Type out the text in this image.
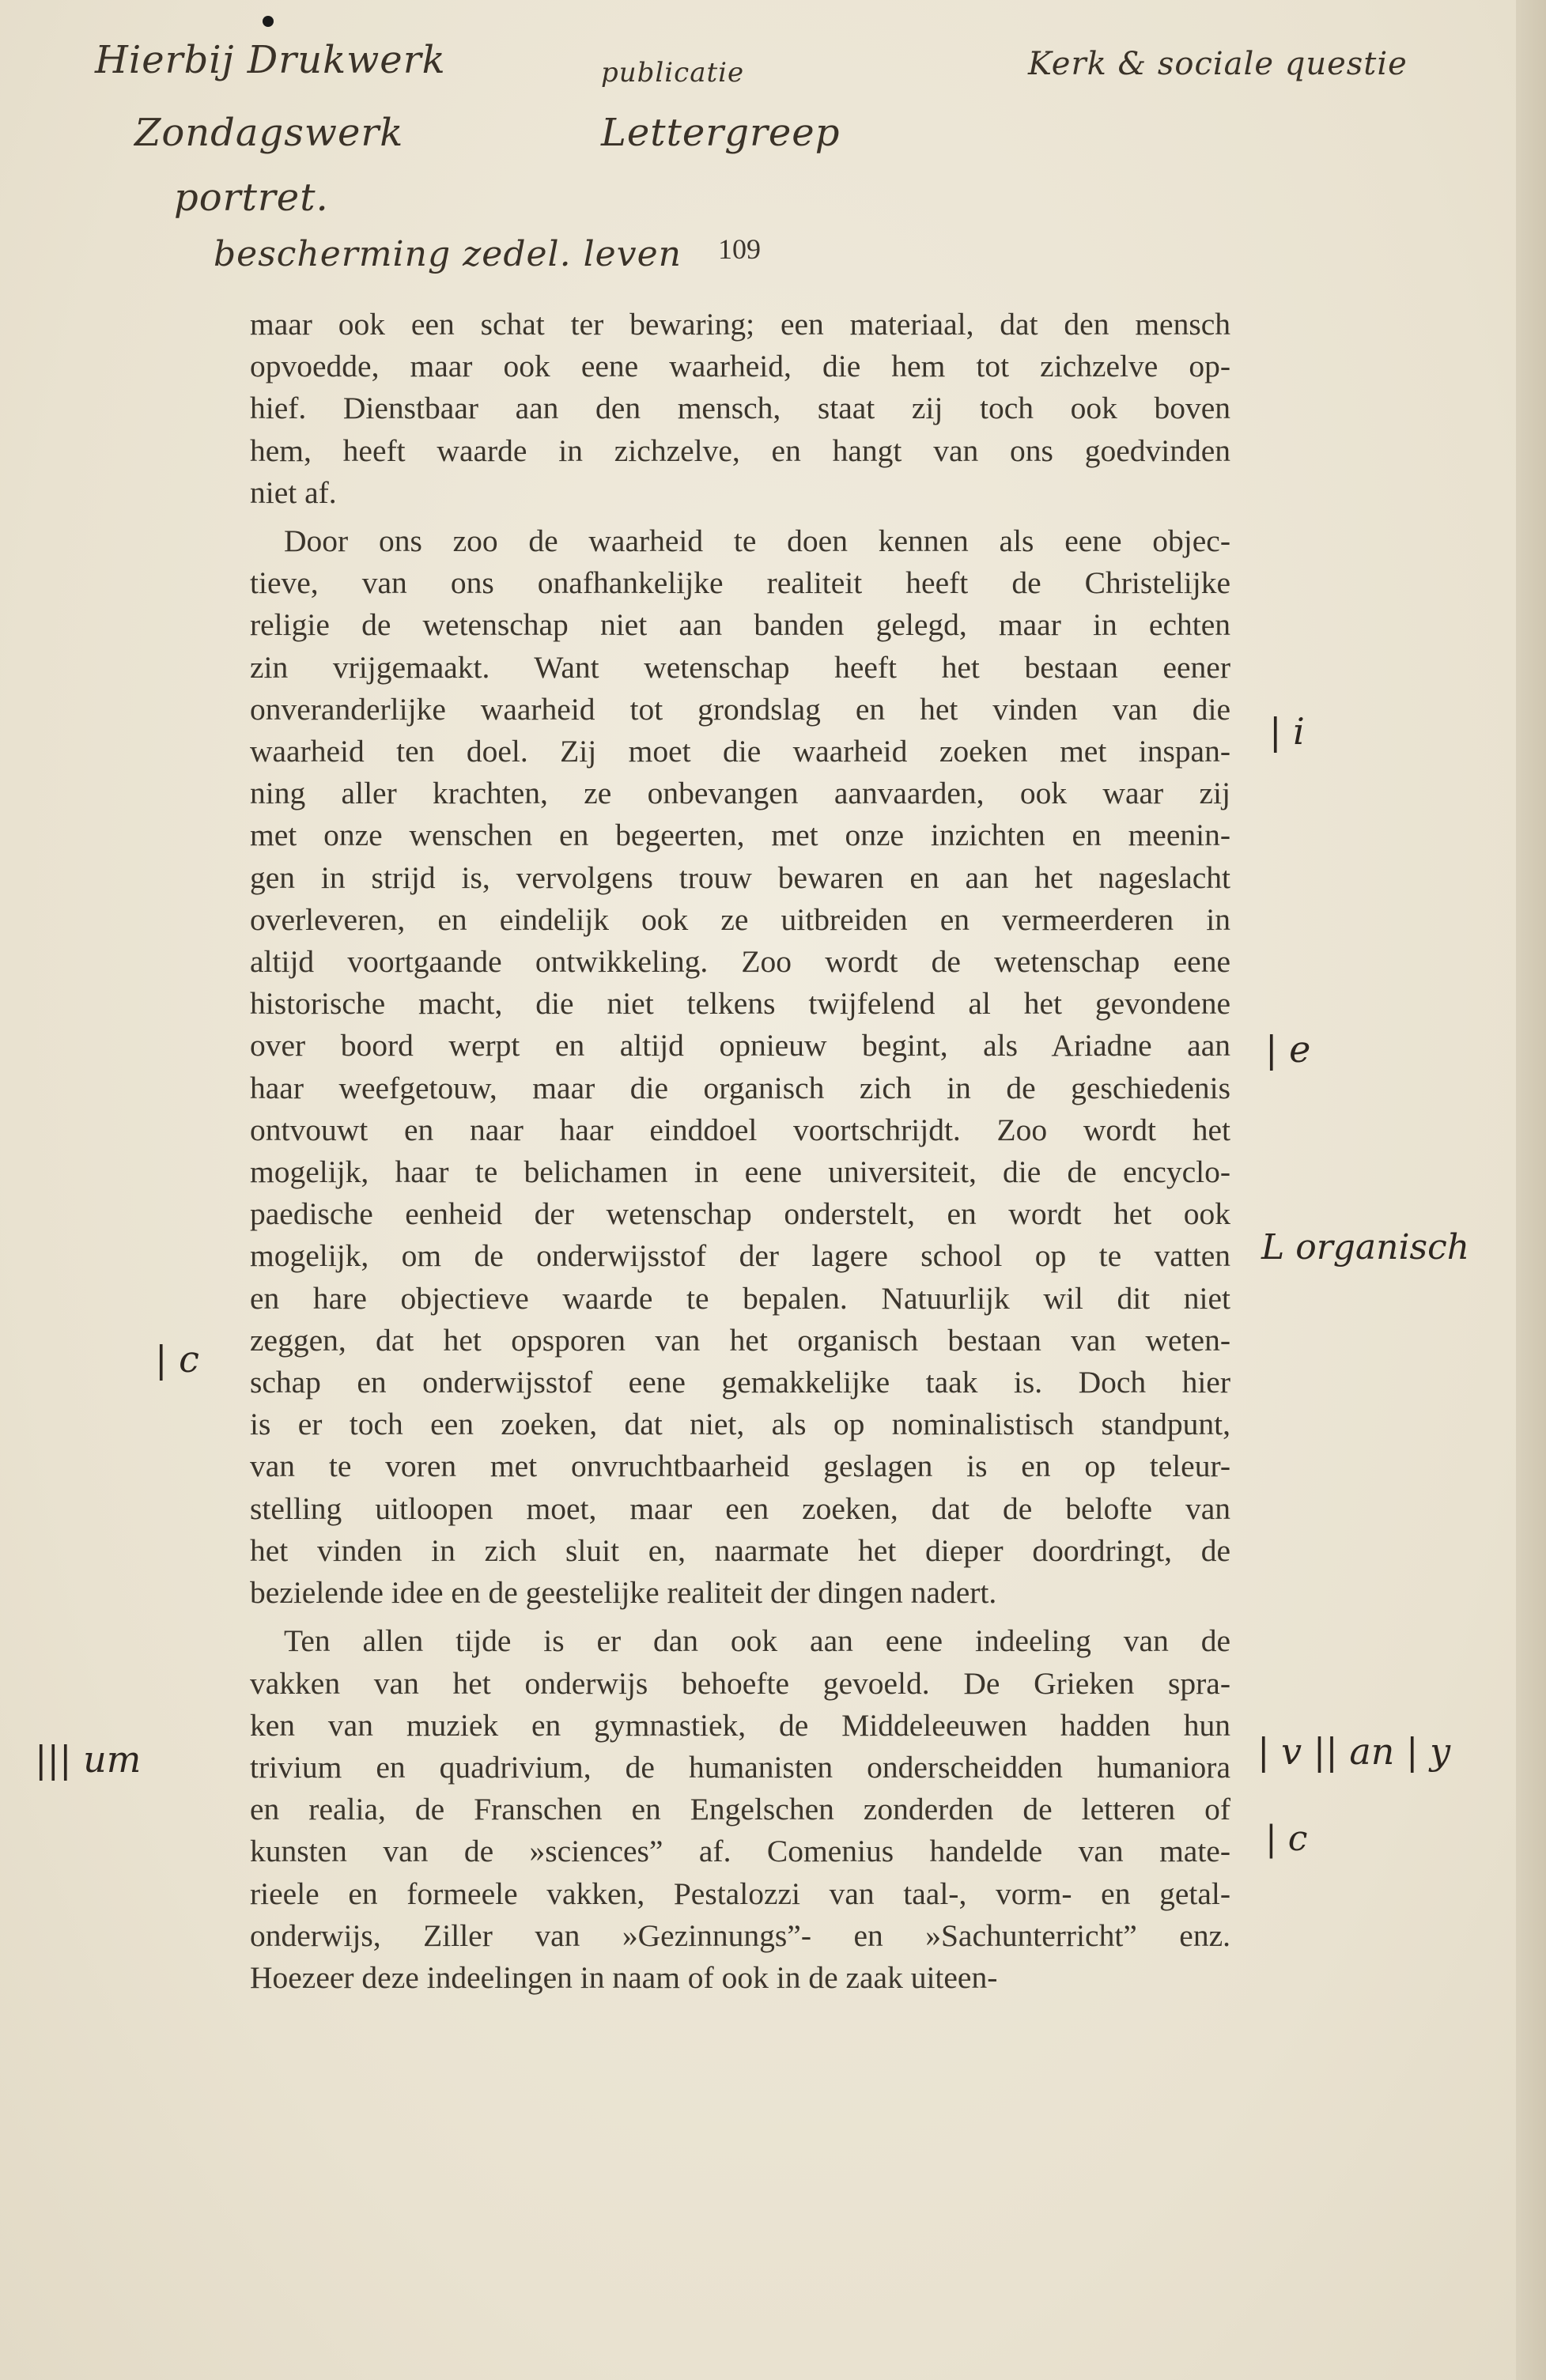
Hierbij Drukwerk	publicatie	Kerk & sociale questie
Zondagswerk	Lettergreep
portret.
bescherming zedel. leven 109
maar ook een schat ter bewaring; een materiaal, dat den mensch
opvoedde, maar ook eene waarheid, die hem tot zichzelve op-
hief. Dienstbaar aan den mensch, staat zij toch ook boven
hem, heeft waarde in zichzelve, en hangt van ons goedvinden
niet af.
Door ons zoo de waarheid te doen kennen als eene objec-
tieve, van ons onafhankelijke realiteit heeft de Christelijke
religie de wetenschap niet aan banden gelegd, maar in echten
zin vrijgemaakt. Want wetenschap heeft het bestaan eener
onveranderlijke waarheid tot grondslag en het vinden van die
waarheid ten doel. Zij moet die waarheid zoeken met inspan-
ning aller krachten, ze onbevangen aanvaarden, ook waar zij
met onze wenschen en begeerten, met onze inzichten en meenin-
gen in strijd is, vervolgens trouw bewaren en aan het nageslacht
overleveren, en eindelijk ook ze uitbreiden en vermeerderen in
altijd voortgaande ontwikkeling. Zoo wordt de wetenschap eene
historische macht, die niet telkens twijfelend al het gevondene
over boord werpt en altijd opnieuw begint, als Ariadne aan
haar weefgetouw, maar die organisch zich in de geschiedenis
ontvouwt en naar haar einddoel voortschrijdt. Zoo wordt het
mogelijk, haar te belichamen in eene universiteit, die de encyclo-
paedische eenheid der wetenschap onderstelt, en wordt het ook
mogelijk, om de onderwijsstof der lagere school op te vatten
en hare objectieve waarde te bepalen. Natuurlijk wil dit niet
zeggen, dat het opsporen van het organisch bestaan van weten-
schap en onderwijsstof eene gemakkelijke taak is. Doch hier
is er toch een zoeken, dat niet, als op nominalistisch standpunt,
van te voren met onvruchtbaarheid geslagen is en op teleur-
stelling uitloopen moet, maar een zoeken, dat de belofte van
het vinden in zich sluit en, naarmate het dieper doordringt, de
bezielende idee en de geestelijke realiteit der dingen nadert.
Ten allen tijde is er dan ook aan eene indeeling van de
vakken van het onderwijs behoefte gevoeld. De Grieken spra-
ken van muziek en gymnastiek, de Middeleeuwen hadden hun
trivium en quadrivium, de humanisten onderscheidden humaniora
en realia, de Franschen en Engelschen zonderden de letteren of
kunsten van de »sciences” af. Comenius handelde van mate-
rieele en formeele vakken, Pestalozzi van taal-, vorm- en getal-
onderwijs, Ziller van »Gezinnungs”- en »Sachunterricht” enz.
Hoezeer deze indeelingen in naam of ook in de zaak uiteen-
| i
| e
L organisch
| c
||| um	| v || an | y
| c
